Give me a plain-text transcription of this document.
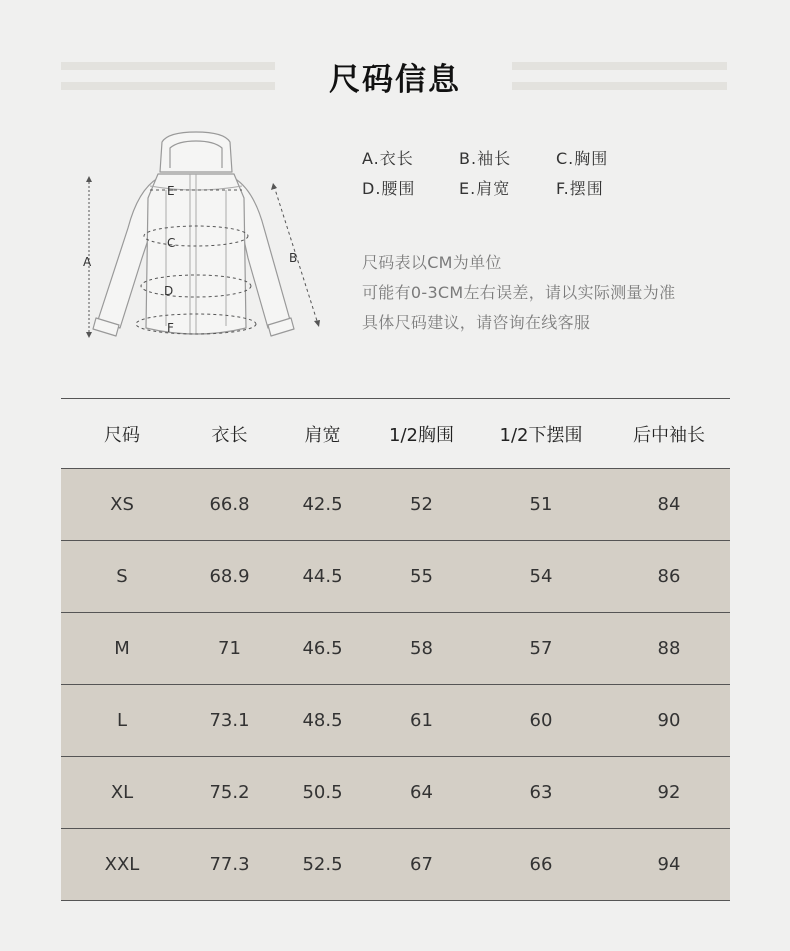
尺码信息
A	B
C
D
E
F
A.衣长	B.袖长	C.胸围
D.腰围	E.肩宽	F.摆围
尺码表以CM为单位
可能有0-3CM左右误差，请以实际测量为准
具体尺码建议，请咨询在线客服
尺码	衣长	肩宽	1/2胸围	1/2下摆围	后中袖长
XS	66.8	42.5	52	51	84
S	68.9	44.5	55	54	86
M	71	46.5	58	57	88
L	73.1	48.5	61	60	90
XL	75.2	50.5	64	63	92
XXL	77.3	52.5	67	66	94
